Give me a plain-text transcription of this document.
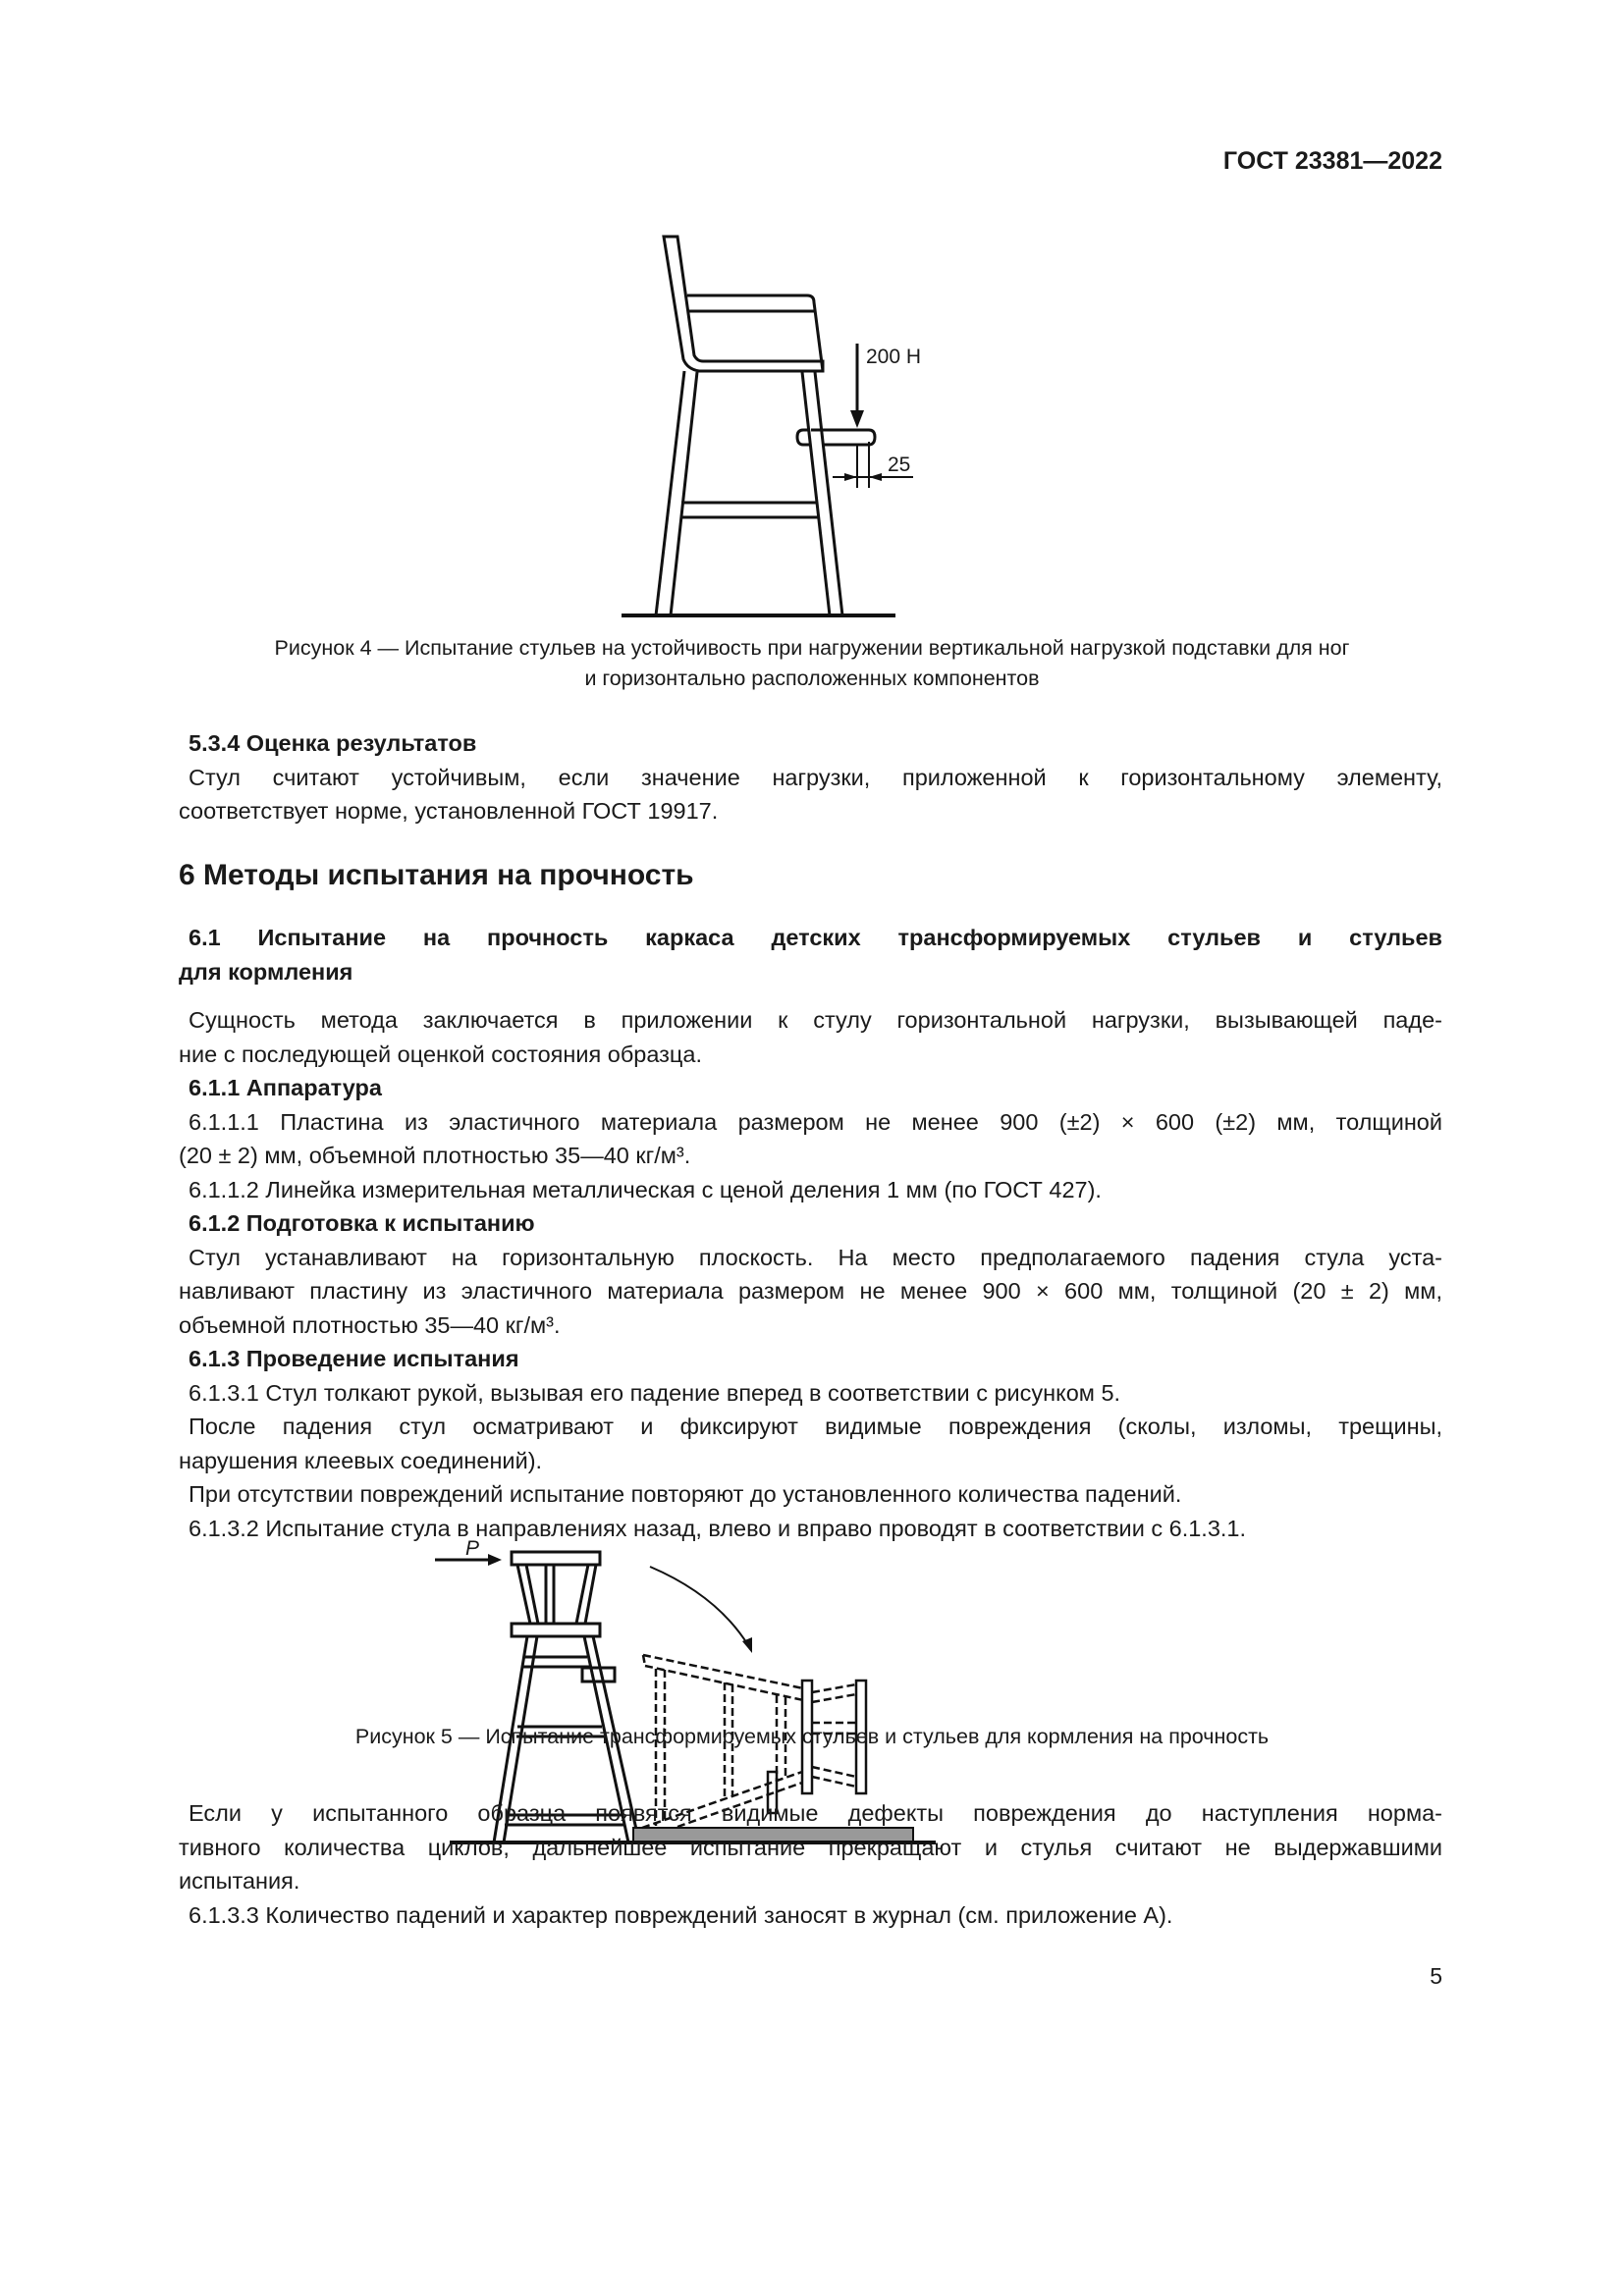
ГОСТ 23381—2022
200 Н
25
P
Рисунок 4 — Испытание стульев на устойчивость при нагружении вертикальной нагрузкой подставки для ног
и горизонтально расположенных компонентов
5.3.4 Оценка результатов
Стул считают устойчивым, если значение нагрузки, приложенной к горизонтальному элементу,
соответствует норме, установленной ГОСТ 19917.
6 Методы испытания на прочность
6.1 Испытание на прочность каркаса детских трансформируемых стульев и стульев
для кормления
Сущность метода заключается в приложении к стулу горизонтальной нагрузки, вызывающей паде-
ние с последующей оценкой состояния образца.
6.1.1 Аппаратура
6.1.1.1 Пластина из эластичного материала размером не менее 900 (±2) × 600 (±2) мм, толщиной
(20 ± 2) мм, объемной плотностью 35—40 кг/м³.
6.1.1.2 Линейка измерительная металлическая с ценой деления 1 мм (по ГОСТ 427).
6.1.2 Подготовка к испытанию
Стул устанавливают на горизонтальную плоскость. На место предполагаемого падения стула уста-
навливают пластину из эластичного материала размером не менее 900 × 600 мм, толщиной (20 ± 2) мм,
объемной плотностью 35—40 кг/м³.
6.1.3 Проведение испытания
6.1.3.1 Стул толкают рукой, вызывая его падение вперед в соответствии с рисунком 5.
После падения стул осматривают и фиксируют видимые повреждения (сколы, изломы, трещины,
нарушения клеевых соединений).
При отсутствии повреждений испытание повторяют до установленного количества падений.
6.1.3.2 Испытание стула в направлениях назад, влево и вправо проводят в соответствии с 6.1.3.1.
Рисунок 5 — Испытание трансформируемых стульев и стульев для кормления на прочность
Если у испытанного образца появятся видимые дефекты повреждения до наступления норма-
тивного количества циклов, дальнейшее испытание прекращают и стулья считают не выдержавшими
испытания.
6.1.3.3 Количество падений и характер повреждений заносят в журнал (см. приложение А).
5
